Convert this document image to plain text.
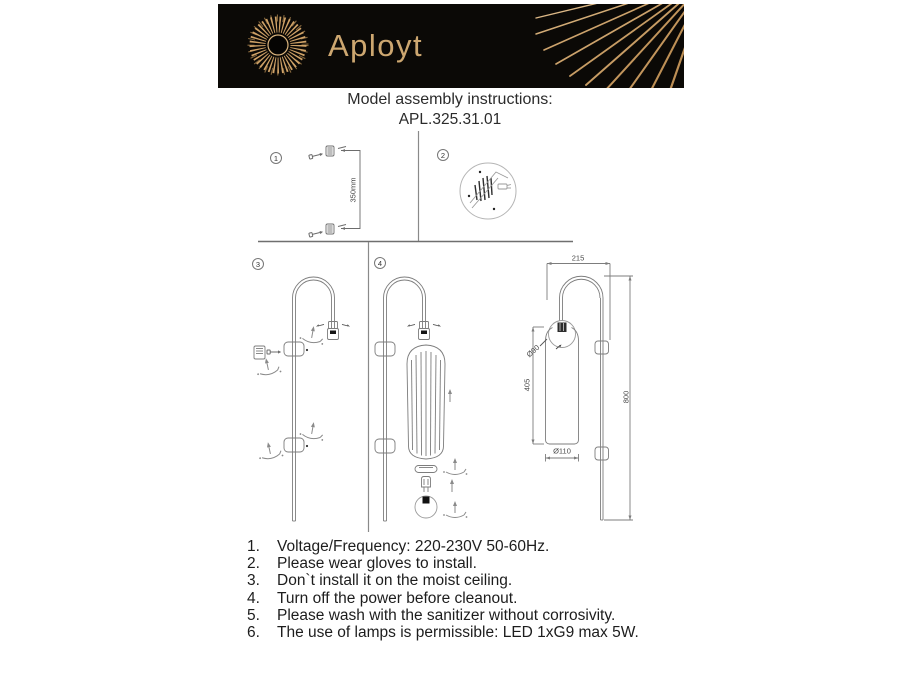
Aployt
Model assembly instructions:
APL.325.31.01
1	2
3	4
350mm
215
405
Ø90
Ø110
800
1.	Voltage/Frequency: 220-230V 50-60Hz.
2.	Please wear gloves to install.
3.	Don`t install it on the moist ceiling.
4.	Turn off the power before cleanout.
5.	Please wash with the sanitizer without corrosivity.
6.	The use of lamps is permissible: LED 1xG9 max 5W.
